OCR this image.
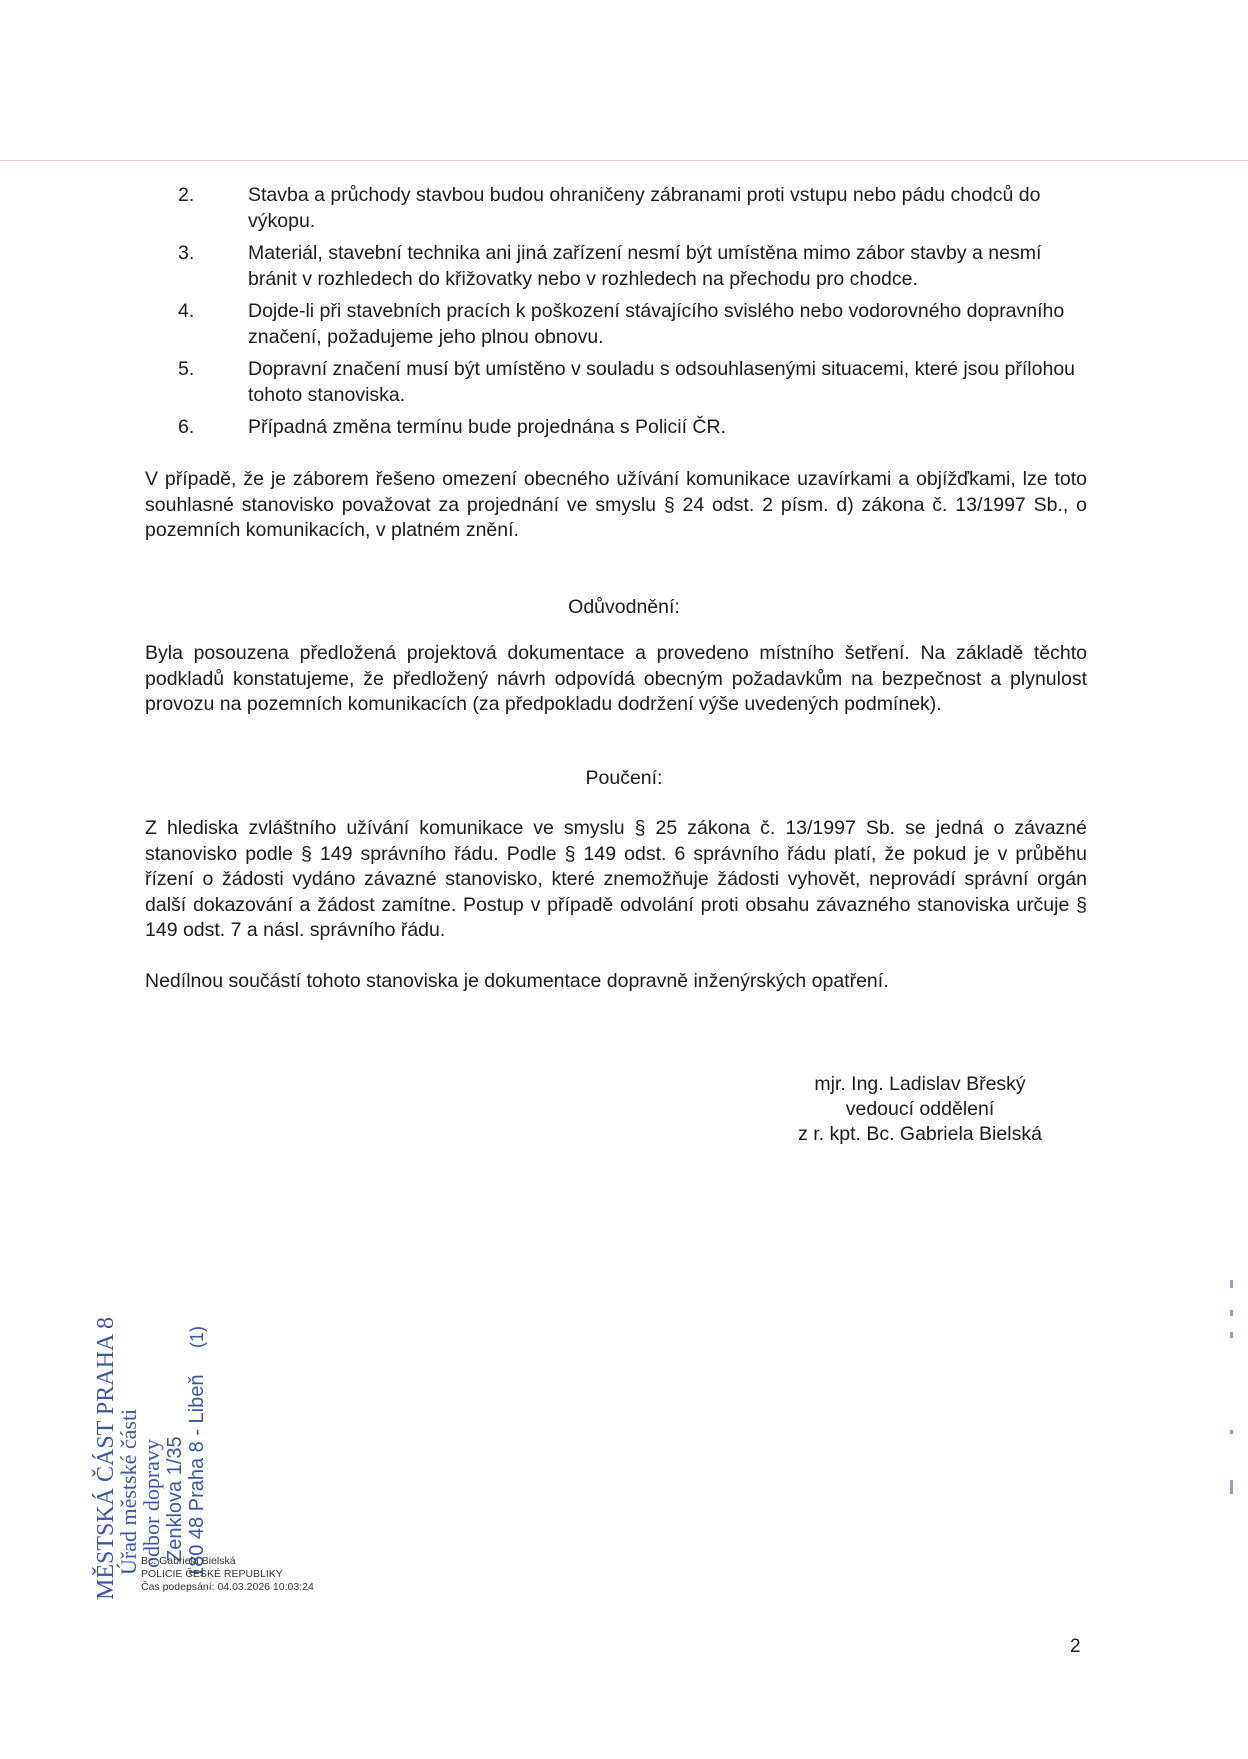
2.	Stavba a průchody stavbou budou ohraničeny zábranami proti vstupu nebo pádu chodců do výkopu.
3.	Materiál, stavební technika ani jiná zařízení nesmí být umístěna mimo zábor stavby a nesmí bránit v rozhledech do křižovatky nebo v rozhledech na přechodu pro chodce.
4.	Dojde-li při stavebních pracích k poškození stávajícího svislého nebo vodorovného dopravního značení, požadujeme jeho plnou obnovu.
5.	Dopravní značení musí být umístěno v souladu s odsouhlasenými situacemi, které jsou přílohou tohoto stanoviska.
6.	Případná změna termínu bude projednána s Policií ČR.

V případě, že je záborem řešeno omezení obecného užívání komunikace uzavírkami a objížďkami, lze toto souhlasné stanovisko považovat za projednání ve smyslu § 24 odst. 2 písm. d) zákona č. 13/1997 Sb., o pozemních komunikacích, v platném znění.

Odůvodnění:

Byla posouzena předložená projektová dokumentace a provedeno místního šetření. Na základě těchto podkladů konstatujeme, že předložený návrh odpovídá obecným požadavkům na bezpečnost a plynulost provozu na pozemních komunikacích (za předpokladu dodržení výše uvedených podmínek).

Poučení:

Z hlediska zvláštního užívání komunikace ve smyslu § 25 zákona č. 13/1997 Sb. se jedná o závazné stanovisko podle § 149 správního řádu. Podle § 149 odst. 6 správního řádu platí, že pokud je v průběhu řízení o žádosti vydáno závazné stanovisko, které znemožňuje žádosti vyhovět, neprovádí správní orgán další dokazování a žádost zamítne. Postup v případě odvolání proti obsahu závazného stanoviska určuje § 149 odst. 7 a násl. správního řádu.

Nedílnou součástí tohoto stanoviska je dokumentace dopravně inženýrských opatření.

mjr. Ing. Ladislav Břeský
vedoucí oddělení
z r. kpt. Bc. Gabriela Bielská
MĚSTSKÁ ČÁST PRAHA 8
Úřad městské části
odbor dopravy Zenklova 1/35 180 48 Praha 8 - Libeň
(1)
Bc. Gabriela Bielská
POLICIE ČESKÉ REPUBLIKY
Čas podepsání: 04.03.2026 10:03:24
2
